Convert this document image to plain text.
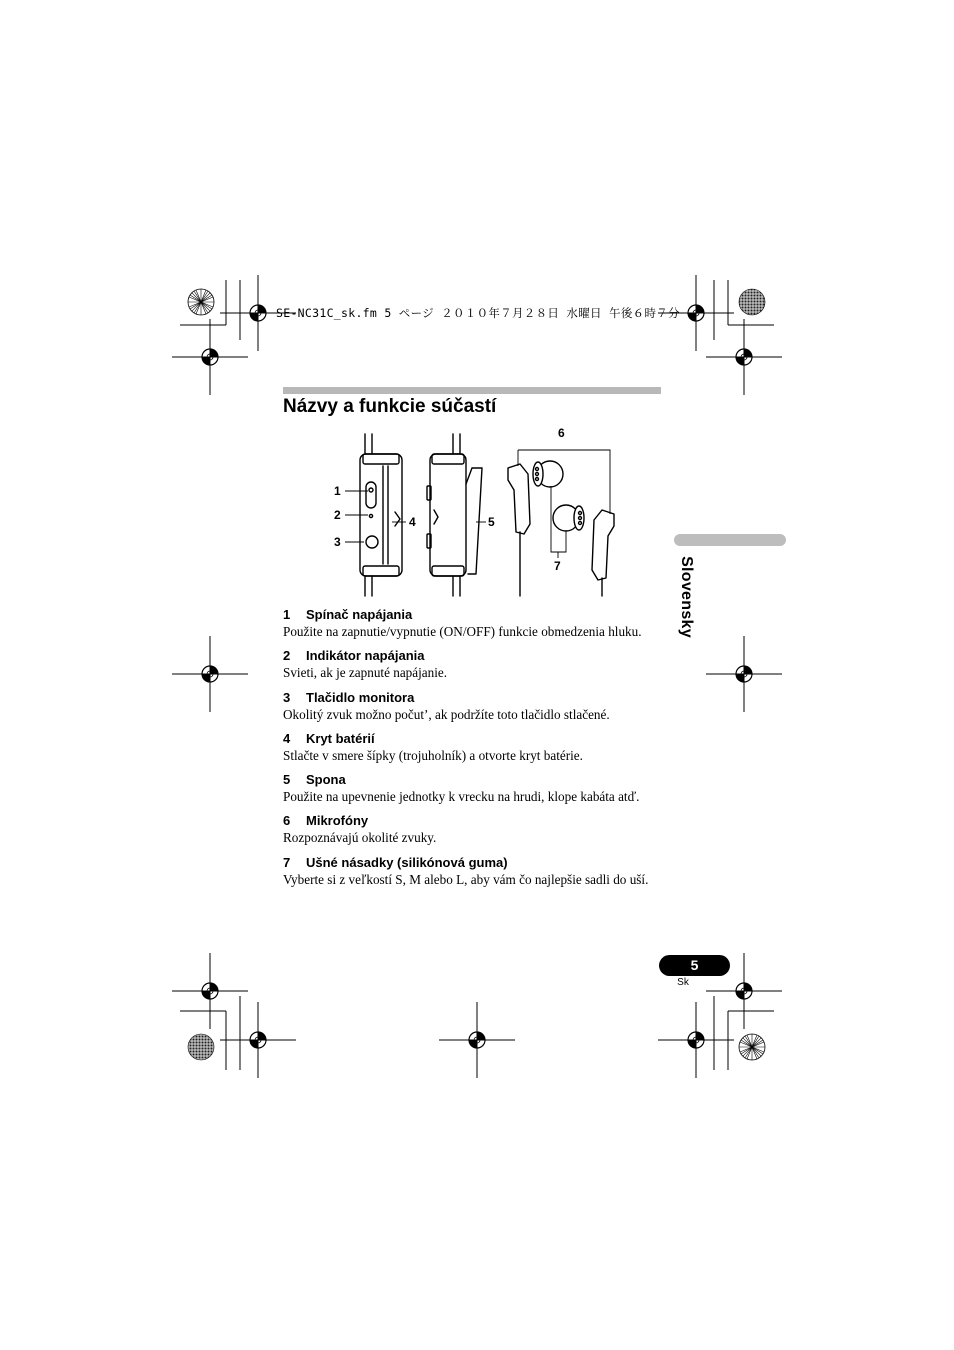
SE-NC31C_sk.fm 5 ページ ２０１０年７月２８日 水曜日 午後６時７分
Názvy a funkcie súčastí
1
2
3
4	5
6
7
1 Spínač napájania
Použite na zapnutie/vypnutie (ON/OFF) funkcie obmedzenia hluku.
2 Indikátor napájania
Svieti, ak je zapnuté napájanie.
3 Tlačidlo monitora
Okolitý zvuk možno počut’, ak podržíte toto tlačidlo stlačené.
4 Kryt batérií
Stlačte v smere šípky (trojuholník) a otvorte kryt batérie.
5 Spona
Použite na upevnenie jednotky k vrecku na hrudi, klope kabáta atď.
6 Mikrofóny
Rozpoznávajú okolité zvuky.
7 Ušné násadky (silikónová guma)
Vyberte si z veľkostí S, M alebo L, aby vám čo najlepšie sadli do uší.
Slovensky
5
Sk
